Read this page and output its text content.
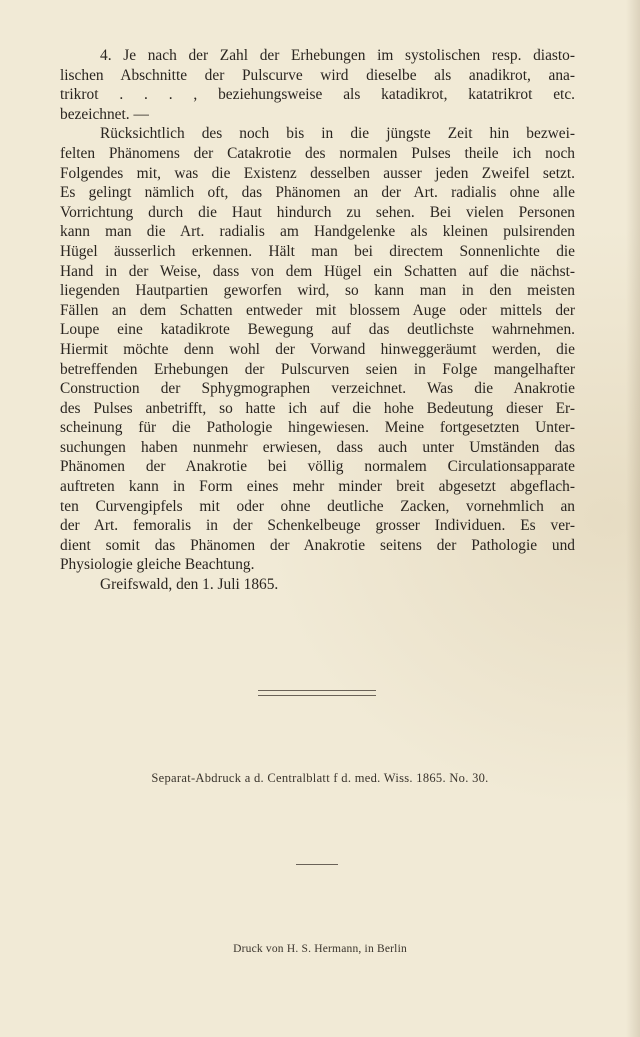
4. Je nach der Zahl der Erhebungen im systolischen resp. diasto-
lischen Abschnitte der Pulscurve wird dieselbe als anadikrot, ana-
trikrot . . . , beziehungsweise als katadikrot, katatrikrot etc.
bezeichnet. —
Rücksichtlich des noch bis in die jüngste Zeit hin bezwei-
felten Phänomens der Catakrotie des normalen Pulses theile ich noch
Folgendes mit, was die Existenz desselben ausser jeden Zweifel setzt.
Es gelingt nämlich oft, das Phänomen an der Art. radialis ohne alle
Vorrichtung durch die Haut hindurch zu sehen. Bei vielen Personen
kann man die Art. radialis am Handgelenke als kleinen pulsirenden
Hügel äusserlich erkennen. Hält man bei directem Sonnenlichte die
Hand in der Weise, dass von dem Hügel ein Schatten auf die nächst-
liegenden Hautpartien geworfen wird, so kann man in den meisten
Fällen an dem Schatten entweder mit blossem Auge oder mittels der
Loupe eine katadikrote Bewegung auf das deutlichste wahrnehmen.
Hiermit möchte denn wohl der Vorwand hinweggeräumt werden, die
betreffenden Erhebungen der Pulscurven seien in Folge mangelhafter
Construction der Sphygmographen verzeichnet. Was die Anakrotie
des Pulses anbetrifft, so hatte ich auf die hohe Bedeutung dieser Er-
scheinung für die Pathologie hingewiesen. Meine fortgesetzten Unter-
suchungen haben nunmehr erwiesen, dass auch unter Umständen das
Phänomen der Anakrotie bei völlig normalem Circulationsapparate
auftreten kann in Form eines mehr minder breit abgesetzt abgeflach-
ten Curvengipfels mit oder ohne deutliche Zacken, vornehmlich an
der Art. femoralis in der Schenkelbeuge grosser Individuen. Es ver-
dient somit das Phänomen der Anakrotie seitens der Pathologie und
Physiologie gleiche Beachtung.
Greifswald, den 1. Juli 1865.
Separat-Abdruck a d. Centralblatt f d. med. Wiss. 1865. No. 30.
Druck von H. S. Hermann, in Berlin
